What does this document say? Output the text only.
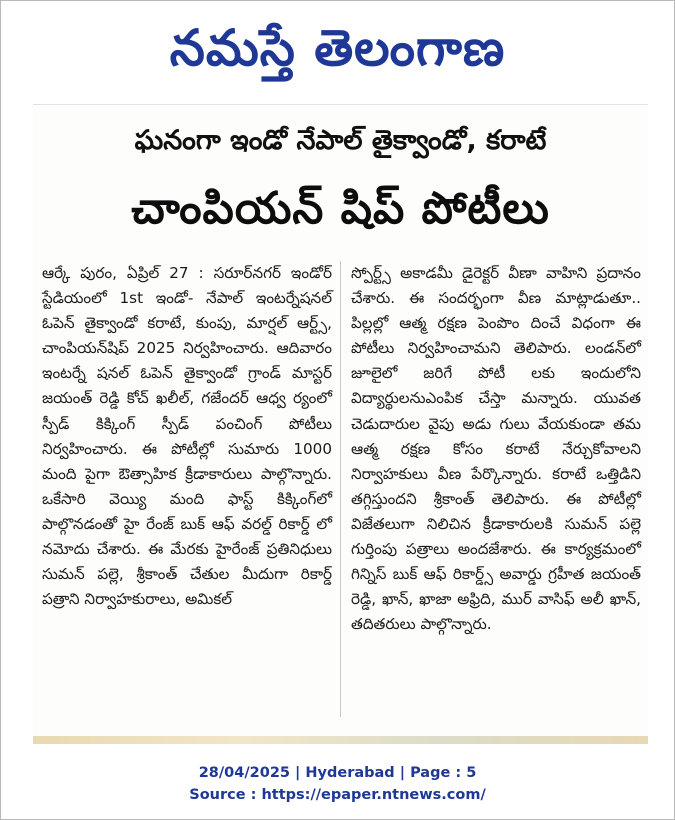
నమస్తే తెలంగాణ
ఘనంగా ఇండో నేపాల్ తైక్వాండో, కరాటే
చాంపియన్ షిప్ పోటీలు

ఆర్కే పురం, ఏప్రిల్ 27 : సరూర్‌నగర్ ఇండోర్ స్టేడియంలో 1st ఇండో- నేపాల్ ఇంటర్నేషనల్ ఓపెన్ తైక్వాండో కరాటే, కుంపు, మార్షల్ ఆర్ట్స్, చాంపియన్‌షిప్ 2025 నిర్వహించారు. ఆదివారం ఇంటర్నే షనల్ ఓపెన్ తైక్వాండో గ్రాండ్ మాస్టర్ జయంత్ రెడ్డి కోచ్ ఖలీల్, గజేందర్ ఆధ్వ ర్యంలో స్పీడ్ కిక్కింగ్ స్పీడ్ పంచింగ్ పోటీలు నిర్వహించారు. ఈ పోటీల్లో సుమారు 1000 మంది పైగా ఔత్సాహిక క్రీడాకారులు పాల్గొన్నారు. ఒకేసారి వెయ్యి మంది ఫాస్ట్ కిక్కింగ్‌లో పాల్గొనడంతో హై రేంజ్ బుక్ ఆఫ్ వరల్డ్ రికార్డ్ లో నమోదు చేశారు. ఈ మేరకు హైరేంజ్ ప్రతినిధులు సుమన్ పల్లె, శ్రీకాంత్ చేతుల మీదుగా రికార్డ్ పత్రాని నిర్వాహకురాలు, అమికల్

స్పోర్ట్స్ అకాడమీ డైరెక్టర్ వీణా వాహిని ప్రదానం చేశారు. ఈ సందర్భంగా వీణ మాట్లాడుతూ.. పిల్లల్లో ఆత్మ రక్షణ పెంపొం దించే విధంగా ఈ పోటీలు నిర్వహించామని తెలిపారు. లండన్‌లో జూలైలో జరిగే పోటీ లకు ఇందులోని విద్యార్థులనుఎంపిక చేస్తా మన్నారు. యువత చెడుదారుల వైపు అడు గులు వేయకుండా తమ ఆత్మ రక్షణ కోసం కరాటే నేర్చుకోవాలని నిర్వాహకులు వీణ పేర్కొన్నారు. కరాటే ఒత్తిడిని తగ్గిస్తుందని శ్రీకాంత్ తెలిపారు. ఈ పోటీల్లో విజేతలుగా నిలిచిన క్రీడాకారులకి సుమన్ పల్లె గుర్తింపు పత్రాలు అందజేశారు. ఈ కార్యక్రమంలో గిన్నిస్ బుక్ ఆఫ్ రికార్డ్స్ అవార్డు గ్రహీత జయంత్ రెడ్డి, ఖాన్, ఖాజా అఫ్రిది, ముర్ వాసిఫ్ అలీ ఖాన్, తదితరులు పాల్గొన్నారు.

28/04/2025 | Hyderabad | Page : 5
Source : https://epaper.ntnews.com/
